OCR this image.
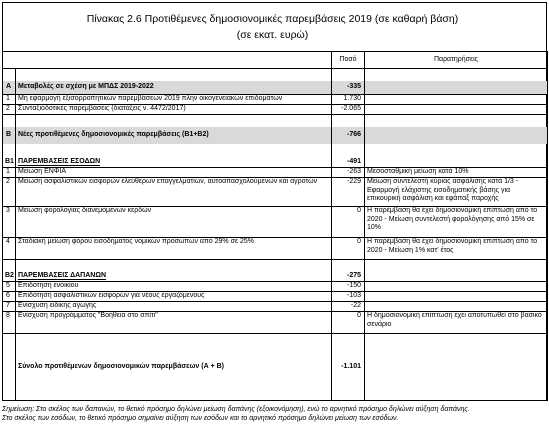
Πίνακας 2.6 Προτιθέμενες δημοσιονομικές παρεμβάσεις 2019 (σε καθαρή βάση)
(σε εκατ. ευρώ)
		Ποσό	Παρατηρήσεις

Α	Μεταβολές σε σχέση με ΜΠΔΣ 2019-2022	-335	
1	Μη εφαρμογή εξισορροπητικών παρεμβάσεων 2019 πλην οικογενειακών επιδομάτων	1.730	
2	Συνταξιοδοτικές παρεμβάσεις (διατάξεις ν. 4472/2017)	-2.065	

Β	Νέες προτιθέμενες δημοσιονομικές παρεμβάσεις (Β1+Β2)	-766	

Β1	ΠΑΡΕΜΒΑΣΕΙΣ ΕΣΟΔΩΝ	-491	
1	Μείωση ΕΝΦΙΑ	-263	Μεσοσταθμική μείωση κατά 10%
2	Μείωση ασφαλιστικών εισφορών ελεύθερων επαγγελματιών, αυτοαπασχολούμενων και αγροτών	-229	Μείωση συντελεστή κύριας ασφάλισης κατά 1/3 - Εφαρμογή ελάχιστης εισοδηματικής βάσης για επικουρική ασφάλιση και εφάπαξ παροχής
3	Μείωση φορολογίας διανεμόμενων κερδών	0	Η παρέμβαση θα έχει δημοσιονομική επίπτωση από το 2020 - Μείωση συντελεστή φορολόγησης από 15% σε 10%
4	Σταδιακή μείωση φόρου εισοδήματος νομικών προσώπων από 29% σε 25%	0	Η παρέμβαση θα έχει δημοσιονομική επίπτωση από το 2020 - Μείωση 1% κατ' έτος

Β2	ΠΑΡΕΜΒΑΣΕΙΣ ΔΑΠΑΝΩΝ	-275	
5	Επιδότηση ενοικίου	-150	
6	Επιδότηση ασφαλιστικών εισφορών για νέους εργαζόμενους	-103	
7	Ενίσχυση ειδικής αγωγής	-22	
8	Ενίσχυση προγράμματος "Βοήθεια στο σπίτι"	0	Η δημοσιονομική επίπτωση έχει αποτυπωθεί στο βασικό σενάριο
	Σύνολο προτιθέμενων δημοσιονομικών παρεμβάσεων (Α + Β)	-1.101	
Σημείωση: Στο σκέλος των δαπανών, το θετικό πρόσημο δηλώνει μείωση δαπάνης (εξοικονόμηση), ενώ το αρνητικό πρόσημο δηλώνει αύξηση δαπάνης.
Στο σκέλος των εσόδων, το θετικό πρόσημο σημαίνει αύξηση των εσόδων και το αρνητικό πρόσημο δηλώνει μείωση των εσόδων.
